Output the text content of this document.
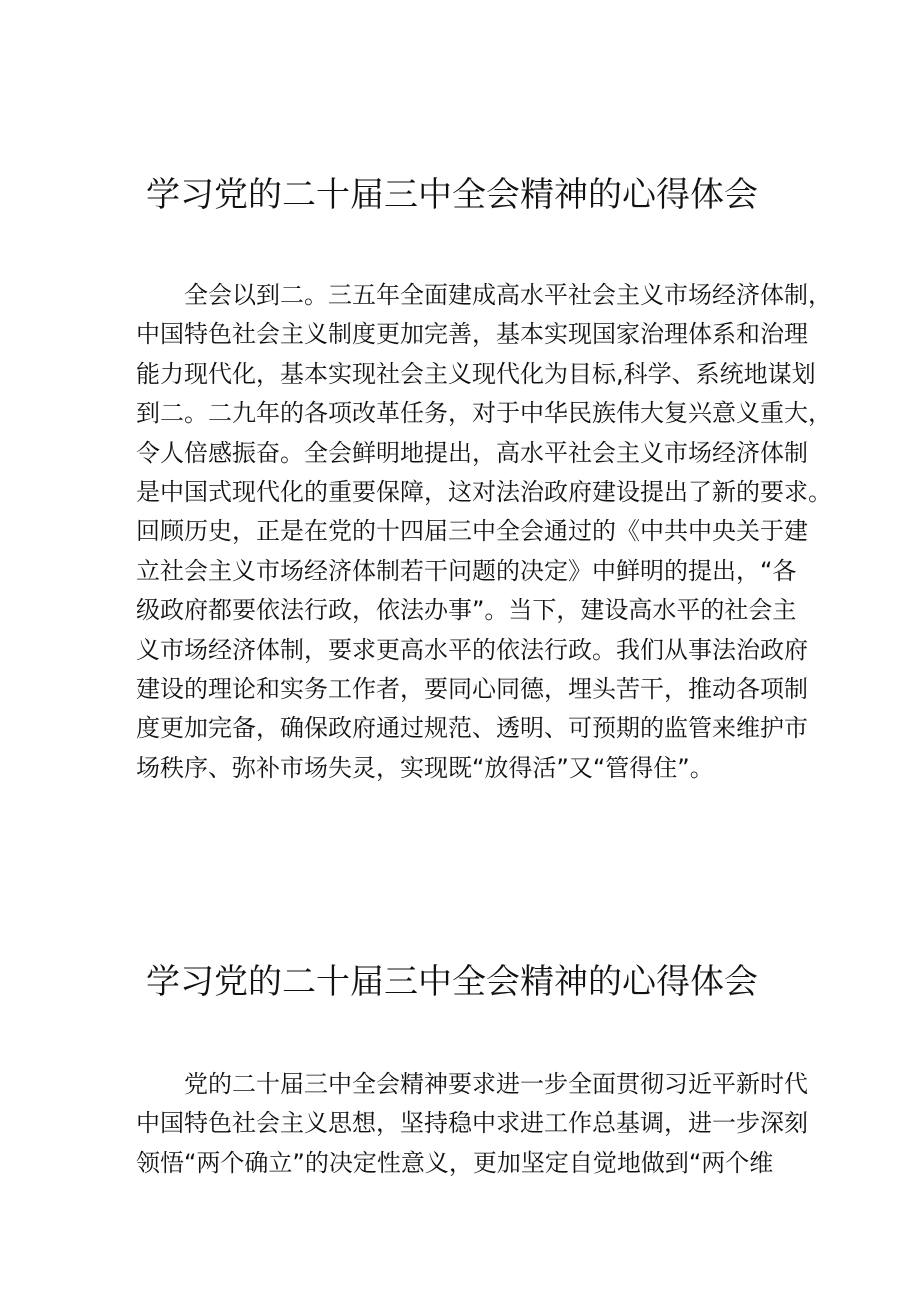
学习党的二十届三中全会精神的心得体会
全会以到二。三五年全面建成高水平社会主义市场经济体制，
中国特色社会主义制度更加完善，基本实现国家治理体系和治理
能力现代化，基本实现社会主义现代化为目标,科学、系统地谋划
到二。二九年的各项改革任务，对于中华民族伟大复兴意义重大，
令人倍感振奋。全会鲜明地提出，高水平社会主义市场经济体制
是中国式现代化的重要保障，这对法治政府建设提出了新的要求。
回顾历史，正是在党的十四届三中全会通过的《中共中央关于建
立社会主义市场经济体制若干问题的决定》中鲜明的提出，“各
级政府都要依法行政，依法办事”。当下，建设高水平的社会主
义市场经济体制，要求更高水平的依法行政。我们从事法治政府
建设的理论和实务工作者，要同心同德，埋头苦干，推动各项制
度更加完备，确保政府通过规范、透明、可预期的监管来维护市
场秩序、弥补市场失灵，实现既“放得活”又“管得住”。
学习党的二十届三中全会精神的心得体会
党的二十届三中全会精神要求进一步全面贯彻习近平新时代
中国特色社会主义思想，坚持稳中求进工作总基调，进一步深刻
领悟“两个确立”的决定性意义，更加坚定自觉地做到“两个维
